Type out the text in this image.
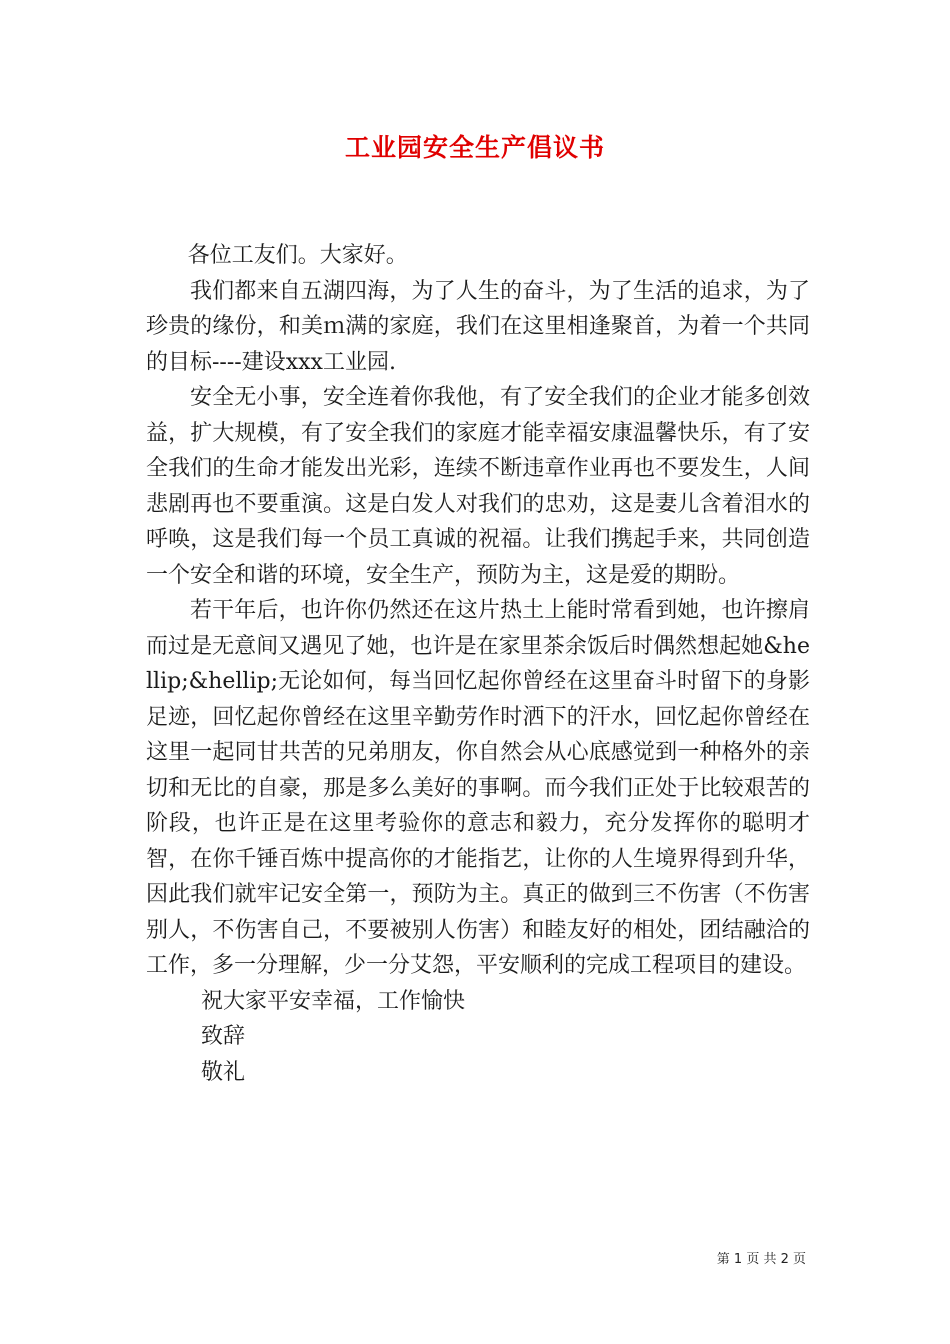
工业园安全生产倡议书

各位工友们。大家好。

我们都来自五湖四海，为了人生的奋斗，为了生活的追求，为了珍贵的缘份，和美ｍ满的家庭，我们在这里相逢聚首，为着一个共同的目标----建设xxx工业园.

安全无小事，安全连着你我他，有了安全我们的企业才能多创效益，扩大规模，有了安全我们的家庭才能幸福安康温馨快乐，有了安全我们的生命才能发出光彩，连续不断违章作业再也不要发生，人间悲剧再也不要重演。这是白发人对我们的忠劝，这是妻儿含着泪水的呼唤，这是我们每一个员工真诚的祝福。让我们携起手来，共同创造一个安全和谐的环境，安全生产，预防为主，这是爱的期盼。

若干年后，也许你仍然还在这片热土上能时常看到她，也许擦肩而过是无意间又遇见了她，也许是在家里茶余饭后时偶然想起她&hellip;&hellip;无论如何，每当回忆起你曾经在这里奋斗时留下的身影足迹，回忆起你曾经在这里辛勤劳作时洒下的汗水，回忆起你曾经在这里一起同甘共苦的兄弟朋友，你自然会从心底感觉到一种格外的亲切和无比的自豪，那是多么美好的事啊。而今我们正处于比较艰苦的阶段，也许正是在这里考验你的意志和毅力，充分发挥你的聪明才智，在你千锤百炼中提高你的才能指艺，让你的人生境界得到升华，因此我们就牢记安全第一，预防为主。真正的做到三不伤害（不伤害别人，不伤害自己，不要被别人伤害）和睦友好的相处，团结融洽的工作，多一分理解，少一分艾怨，平安顺利的完成工程项目的建设。

祝大家平安幸福，工作愉快

致辞

敬礼

第 1 页 共 2 页
